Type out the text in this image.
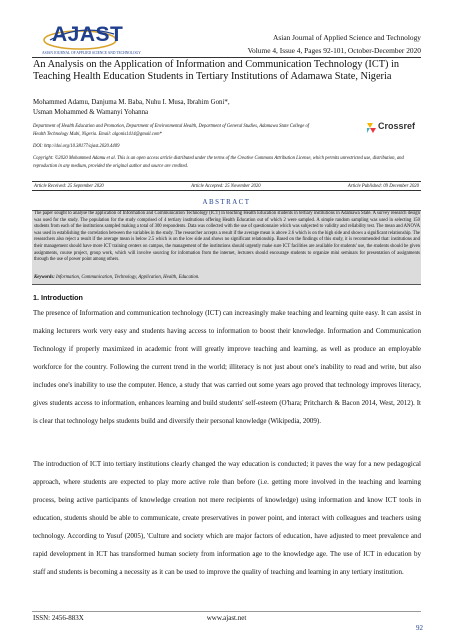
AJAST
ASIAN JOURNAL OF APPLIED SCIENCE AND TECHNOLOGY
Asian Journal of Applied Science and Technology
Volume 4, Issue 4, Pages 92-101, October-December 2020
An Analysis on the Application of Information and Communication Technology (ICT) in Teaching Health Education Students in Tertiary Institutions of Adamawa State, Nigeria
Mohammed Adamu, Danjuma M. Baba, Nuhu I. Musa, Ibrahim Goni*,
Usman Mohammed & Wamanyi Yohanna
Department of Health Education and Promotion, Department of Environmental Health, Department of General Studies, Adamawa State College of Health Technology Mubi, Nigeria. Email: algonis1414@gmail.com*
Crossref
DOI: http://doi.org/10.38177/ajast.2020.4409
Copyright: ©2020 Mohammed Adamu et al. This is an open access article distributed under the terms of the Creative Commons Attribution License, which permits unrestricted use, distribution, and reproduction in any medium, provided the original author and source are credited.
Article Received: 25 September 2020	Article Accepted: 25 November 2020	Article Published: 09 December 2020
ABSTRACT
The paper sought to analyse the application of Information and Communication Technology (ICT) in teaching Health Education students in tertiary institutions in Adamawa State. A survey research design was used for the study. The population for the study comprised of 4 tertiary institutions offering Health Education out of which 2 were sampled. A simple random sampling was used in selecting 150 students from each of the institutions sampled making a total of 300 respondents. Data was collected with the use of questionnaire which was subjected to validity and reliability test. The mean and ANOVA was used in establishing the correlation between the variables in the study. The researcher accepts a result if the average mean is above 2.6 which is on the high side and shows a significant relationship. The researchers also reject a result if the average mean is below 2.5 which is on the low side and shows no significant relationship. Based on the findings of this study, it is recommended that: institutions and their management should have more ICT training centers on campus, the management of the institutions should urgently make sure ICT facilities are available for students' use, the students should be given assignments, course project, group work, which will involve sourcing for information from the internet, lecturers should encourage students to organize mini seminars for presentation of assignments through the use of power point among others.
Keywords: Information, Communication, Technology, Application, Health, Education.
1. Introduction
The presence of Information and communication technology (ICT) can increasingly make teaching and learning quite easy. It can assist in making lecturers work very easy and students having access to information to boost their knowledge. Information and Communication Technology if properly maximized in academic front will greatly improve teaching and learning, as well as produce an employable workforce for the country. Following the current trend in the world; illiteracy is not just about one's inability to read and write, but also includes one's inability to use the computer. Hence, a study that was carried out some years ago proved that technology improves literacy, gives students access to information, enhances learning and build students' self-esteem (O'hara; Pritcharch & Bacon 2014, West, 2012). It is clear that technology helps students build and diversify their personal knowledge (Wikipedia, 2009).
The introduction of ICT into tertiary institutions clearly changed the way education is conducted; it paves the way for a new pedagogical approach, where students are expected to play more active role than before (i.e. getting more involved in the teaching and learning process, being active participants of knowledge creation not mere recipients of knowledge) using information and know ICT tools in education, students should be able to communicate, create preservatives in power point, and interact with colleagues and teachers using technology. According to Yusuf (2005), 'Culture and society which are major factors of education, have adjusted to meet prevalence and rapid development in ICT has transformed human society from information age to the knowledge age. The use of ICT in education by staff and students is becoming a necessity as it can be used to improve the quality of teaching and learning in any tertiary institution.
ISSN: 2456-883X	www.ajast.net
92
